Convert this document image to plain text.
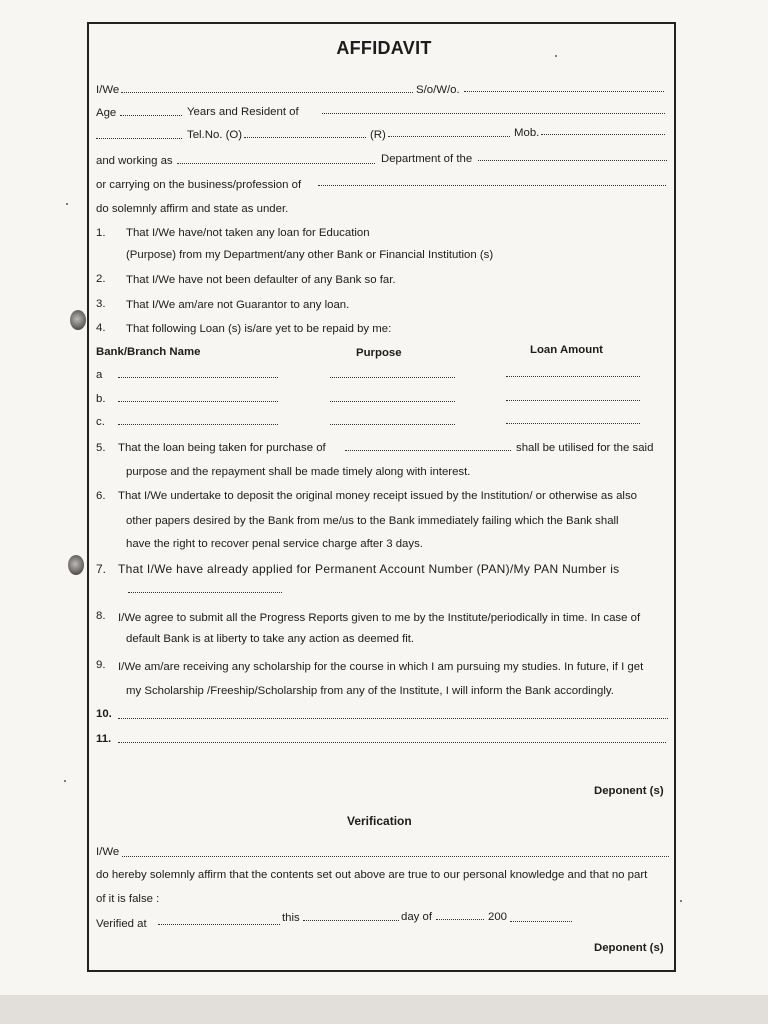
AFFIDAVIT
I/We	S/o/W/o.
Age	Years and Resident of
Tel.No. (O)	(R)	Mob.
and working as	Department of the
or carrying on the business/profession of
do solemnly affirm and state as under.
1. That I/We have/not taken any loan for Education
(Purpose) from my Department/any other Bank or Financial Institution (s)
2. That I/We have not been defaulter of any Bank so far.
3. That I/We am/are not Guarantor to any loan.
4. That following Loan (s) is/are yet to be repaid by me:
Bank/Branch Name	Purpose	Loan Amount
a
b.
c.
5. That the loan being taken for purchase of	shall be utilised for the said
purpose and the repayment shall be made timely along with interest.
6. That I/We undertake to deposit the original money receipt issued by the Institution/ or otherwise as also
other papers desired by the Bank from me/us to the Bank immediately failing which the Bank shall
have the right to recover penal service charge after 3 days.
7. That I/We have already applied for Permanent Account Number (PAN)/My PAN Number is
8. I/We agree to submit all the Progress Reports given to me by the Institute/periodically in time. In case of
default Bank is at liberty to take any action as deemed fit.
9. I/We am/are receiving any scholarship for the course in which I am pursuing my studies. In future, if I get
my Scholarship /Freeship/Scholarship from any of the Institute, I will inform the Bank accordingly.
10.
11.
Deponent (s)
Verification
I/We
do hereby solemnly affirm that the contents set out above are true to our personal knowledge and that no part
of it is false :
Verified at	this	day of	200
Deponent (s)
